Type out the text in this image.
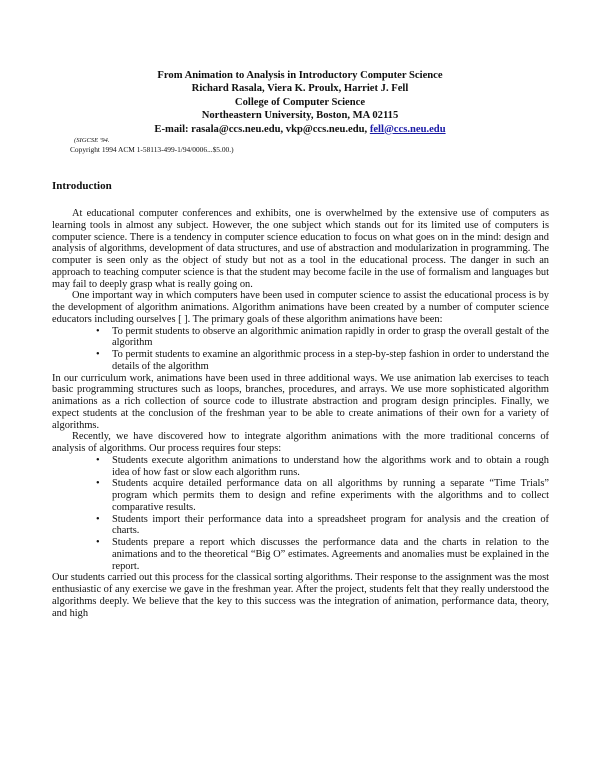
From Animation to Analysis in Introductory Computer Science
Richard Rasala, Viera K. Proulx, Harriet J. Fell
College of Computer Science
Northeastern University, Boston, MA 02115
E-mail: rasala@ccs.neu.edu, vkp@ccs.neu.edu, fell@ccs.neu.edu
(SIGCSE '94.
Copyright 1994 ACM 1-58113-499-1/94/0006...$5.00.)
Introduction

At educational computer conferences and exhibits, one is overwhelmed by the extensive use of computers as learning tools in almost any subject. However, the one subject which stands out for its limited use of computers is computer science. There is a tendency in computer science education to focus on what goes on in the mind: design and analysis of algorithms, development of data structures, and use of abstraction and modularization in programming. The computer is seen only as the object of study but not as a tool in the educational process. The danger in such an approach to teaching computer science is that the student may become facile in the use of formalism and languages but may fail to deeply grasp what is really going on.

One important way in which computers have been used in computer science to assist the educational process is by the development of algorithm animations. Algorithm animations have been created by a number of computer science educators including ourselves [ ]. The primary goals of these algorithm animations have been:

• To permit students to observe an algorithmic animation rapidly in order to grasp the overall gestalt of the algorithm
• To permit students to examine an algorithmic process in a step-by-step fashion in order to understand the details of the algorithm

In our curriculum work, animations have been used in three additional ways. We use animation lab exercises to teach basic programming structures such as loops, branches, procedures, and arrays. We use more sophisticated algorithm animations as a rich collection of source code to illustrate abstraction and program design principles. Finally, we expect students at the conclusion of the freshman year to be able to create animations of their own for a variety of algorithms.

Recently, we have discovered how to integrate algorithm animations with the more traditional concerns of analysis of algorithms. Our process requires four steps:

• Students execute algorithm animations to understand how the algorithms work and to obtain a rough idea of how fast or slow each algorithm runs.
• Students acquire detailed performance data on all algorithms by running a separate “Time Trials” program which permits them to design and refine experiments with the algorithms and to collect comparative results.
• Students import their performance data into a spreadsheet program for analysis and the creation of charts.
• Students prepare a report which discusses the performance data and the charts in relation to the animations and to the theoretical “Big O” estimates. Agreements and anomalies must be explained in the report.

Our students carried out this process for the classical sorting algorithms. Their response to the assignment was the most enthusiastic of any exercise we gave in the freshman year. After the project, students felt that they really understood the algorithms deeply. We believe that the key to this success was the integration of animation, performance data, theory, and high
